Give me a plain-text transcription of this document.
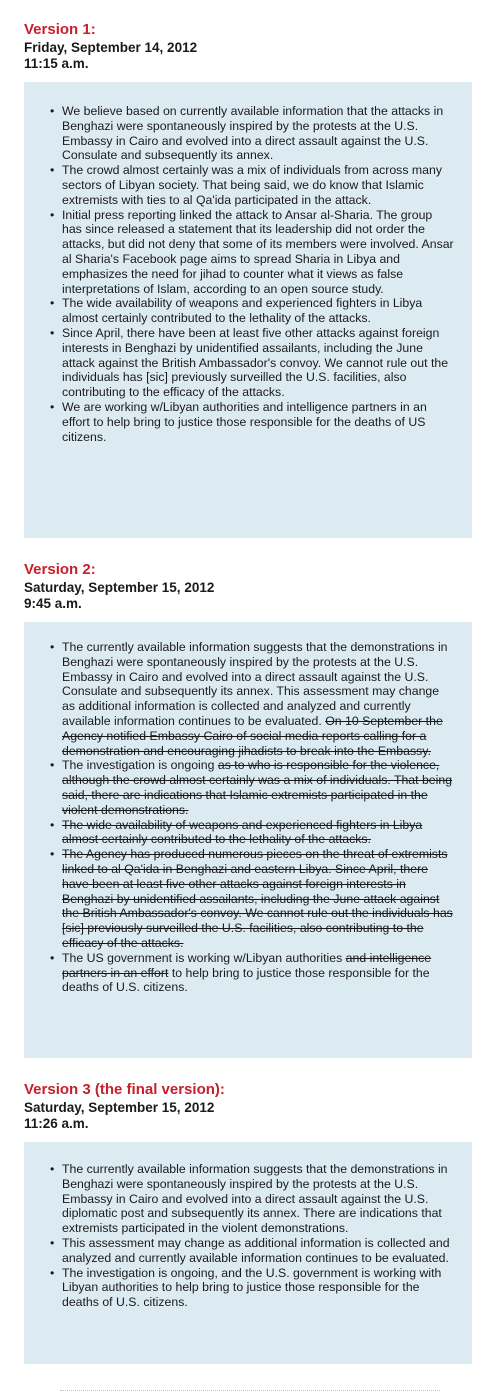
Version 1:
Friday, September 14, 2012
11:15 a.m.
• We believe based on currently available information that the attacks in Benghazi were spontaneously inspired by the protests at the U.S. Embassy in Cairo and evolved into a direct assault against the U.S. Consulate and subsequently its annex.
• The crowd almost certainly was a mix of individuals from across many sectors of Libyan society. That being said, we do know that Islamic extremists with ties to al Qa'ida participated in the attack.
• Initial press reporting linked the attack to Ansar al-Sharia. The group has since released a statement that its leadership did not order the attacks, but did not deny that some of its members were involved. Ansar al Sharia's Facebook page aims to spread Sharia in Libya and emphasizes the need for jihad to counter what it views as false interpretations of Islam, according to an open source study.
• The wide availability of weapons and experienced fighters in Libya almost certainly contributed to the lethality of the attacks.
• Since April, there have been at least five other attacks against foreign interests in Benghazi by unidentified assailants, including the June attack against the British Ambassador's convoy. We cannot rule out the individuals has [sic] previously surveilled the U.S. facilities, also contributing to the efficacy of the attacks.
• We are working w/Libyan authorities and intelligence partners in an effort to help bring to justice those responsible for the deaths of US citizens.
Version 2:
Saturday, September 15, 2012
9:45 a.m.
• The currently available information suggests that the demonstrations in Benghazi were spontaneously inspired by the protests at the U.S. Embassy in Cairo and evolved into a direct assault against the U.S. Consulate and subsequently its annex. This assessment may change as additional information is collected and analyzed and currently available information continues to be evaluated. On 10 September the Agency notified Embassy Cairo of social media reports calling for a demonstration and encouraging jihadists to break into the Embassy.
• The investigation is ongoing as to who is responsible for the violence, although the crowd almost certainly was a mix of individuals. That being said, there are indications that Islamic extremists participated in the violent demonstrations.
• The wide availability of weapons and experienced fighters in Libya almost certainly contributed to the lethality of the attacks.
• The Agency has produced numerous pieces on the threat of extremists linked to al Qa'ida in Benghazi and eastern Libya. Since April, there have been at least five other attacks against foreign interests in Benghazi by unidentified assailants, including the June attack against the British Ambassador's convoy. We cannot rule out the individuals has [sic] previously surveilled the U.S. facilities, also contributing to the efficacy of the attacks.
• The US government is working w/Libyan authorities and intelligence partners in an effort to help bring to justice those responsible for the deaths of U.S. citizens.
Version 3 (the final version):
Saturday, September 15, 2012
11:26 a.m.
• The currently available information suggests that the demonstrations in Benghazi were spontaneously inspired by the protests at the U.S. Embassy in Cairo and evolved into a direct assault against the U.S. diplomatic post and subsequently its annex. There are indications that extremists participated in the violent demonstrations.
• This assessment may change as additional information is collected and analyzed and currently available information continues to be evaluated.
• The investigation is ongoing, and the U.S. government is working with Libyan authorities to help bring to justice those responsible for the deaths of U.S. citizens.
